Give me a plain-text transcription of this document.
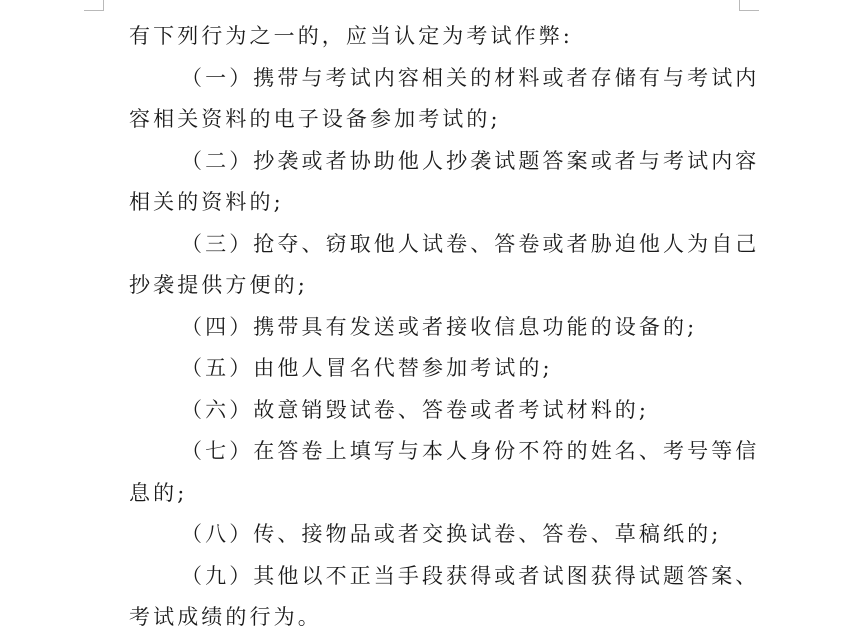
有下列行为之一的，应当认定为考试作弊:
（一）携带与考试内容相关的材料或者存储有与考试内
容相关资料的电子设备参加考试的;
（二）抄袭或者协助他人抄袭试题答案或者与考试内容
相关的资料的;
（三）抢夺、窃取他人试卷、答卷或者胁迫他人为自己
抄袭提供方便的;
（四）携带具有发送或者接收信息功能的设备的;
（五）由他人冒名代替参加考试的;
（六）故意销毁试卷、答卷或者考试材料的;
（七）在答卷上填写与本人身份不符的姓名、考号等信
息的;
（八）传、接物品或者交换试卷、答卷、草稿纸的;
（九）其他以不正当手段获得或者试图获得试题答案、
考试成绩的行为。
